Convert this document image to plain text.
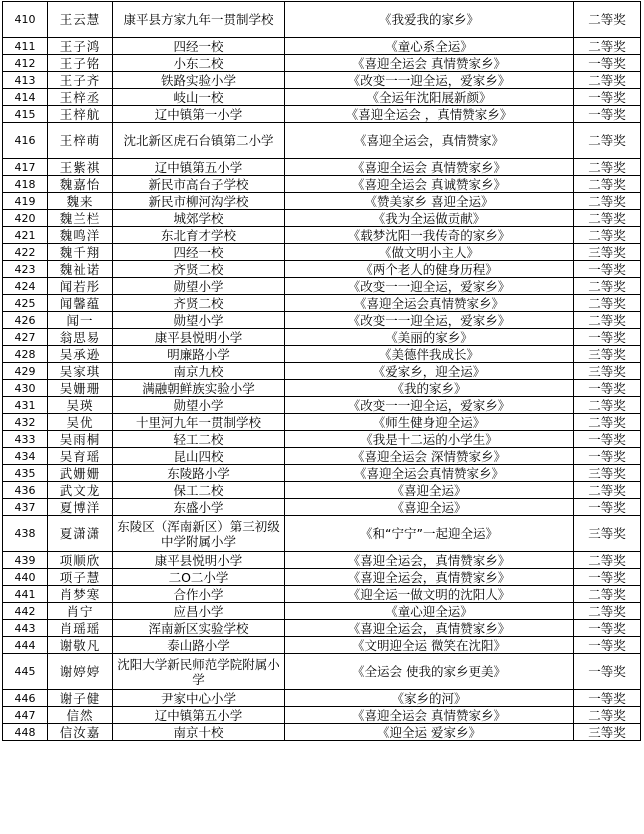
410	王云慧	康平县方家九年一贯制学校	《我爱我的家乡》	二等奖
411	王子鸿	四经一校	《童心系全运》	二等奖
412	王子铭	小东二校	《喜迎全运会 真情赞家乡》	一等奖
413	王子齐	铁路实验小学	《改变一一迎全运，爱家乡》	二等奖
414	王梓丞	岐山一校	《全运年沈阳展新颜》	一等奖
415	王梓航	辽中镇第一小学	《喜迎全运会 ，真情赞家乡》	一等奖
416	王梓萌	沈北新区虎石台镇第二小学	《喜迎全运会，真情赞家》	二等奖
417	王紫祺	辽中镇第五小学	《喜迎全运会 真情赞家乡》	二等奖
418	魏嘉怡	新民市高台子学校	《喜迎全运会 真诚赞家乡》	二等奖
419	魏来	新民市柳河沟学校	《赞美家乡 喜迎全运》	二等奖
420	魏兰栏	城郊学校	《我为全运做贡献》	二等奖
421	魏鸣洋	东北育才学校	《载梦沈阳一我传奇的家乡》	二等奖
422	魏千翔	四经一校	《做文明小主人》	三等奖
423	魏祉诺	齐贤二校	《两个老人的健身历程》	一等奖
424	闻若彤	勋望小学	《改变一一迎全运，爱家乡》	二等奖
425	闻馨蕴	齐贤二校	《喜迎全运会真情赞家乡》	二等奖
426	闻一	勋望小学	《改变一一迎全运，爱家乡》	二等奖
427	翁思易	康平县悦明小学	《美丽的家乡》	一等奖
428	吴承逊	明廉路小学	《美德伴我成长》	三等奖
429	吴家琪	南京九校	《爱家乡，迎全运》	三等奖
430	吴姗珊	满融朝鲜族实验小学	《我的家乡》	一等奖
431	吴瑛	勋望小学	《改变一一迎全运，爱家乡》	二等奖
432	吴优	十里河九年一贯制学校	《师生健身迎全运》	二等奖
433	吴雨桐	轻工二校	《我是十二运的小学生》	一等奖
434	吴育瑶	昆山四校	《喜迎全运会 深情赞家乡》	一等奖
435	武姗姗	东陵路小学	《喜迎全运会真情赞家乡》	三等奖
436	武文龙	保工二校	《喜迎全运》	二等奖
437	夏博洋	东盛小学	《喜迎全运》	一等奖
438	夏潇潇	东陵区（浑南新区）第三初级中学附属小学	《和“宁宁”一起迎全运》	三等奖
439	项顺欣	康平县悦明小学	《喜迎全运会，真情赞家乡》	二等奖
440	项子慧	二O二小学	《喜迎全运会，真情赞家乡》	一等奖
441	肖梦寒	合作小学	《迎全运一做文明的沈阳人》	二等奖
442	肖宁	应昌小学	《童心迎全运》	二等奖
443	肖瑶瑶	浑南新区实验学校	《喜迎全运会，真情赞家乡》	一等奖
444	谢敬凡	泰山路小学	《文明迎全运 微笑在沈阳》	一等奖
445	谢婷婷	沈阳大学新民师范学院附属小学	《全运会 使我的家乡更美》	一等奖
446	谢子健	尹家中心小学	《家乡的河》	一等奖
447	信然	辽中镇第五小学	《喜迎全运会 真情赞家乡》	二等奖
448	信汝嘉	南京十校	《迎全运 爱家乡》	三等奖
